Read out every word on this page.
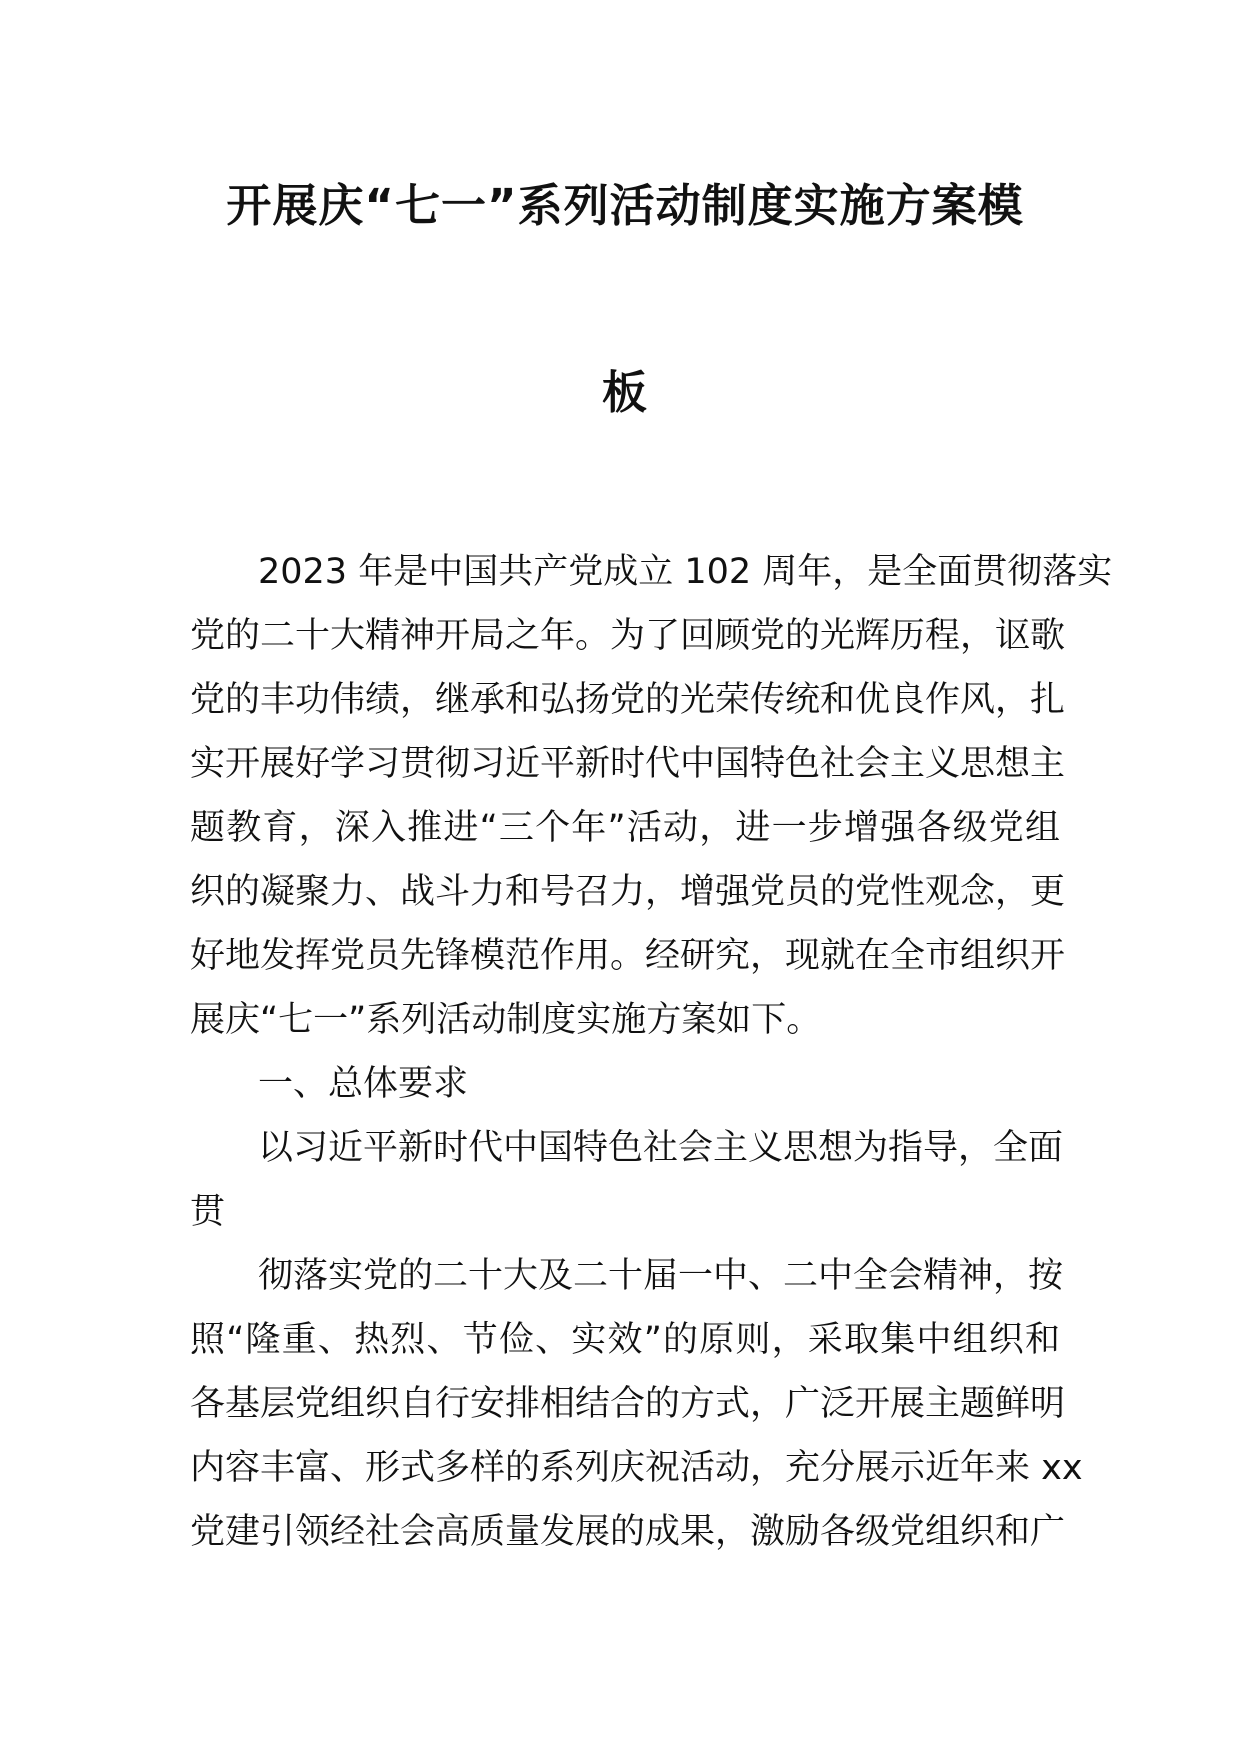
开展庆“七一”系列活动制度实施方案模
板
2023 年是中国共产党成立 102 周年，是全面贯彻落实
党的二十大精神开局之年。为了回顾党的光辉历程，讴歌
党的丰功伟绩，继承和弘扬党的光荣传统和优良作风，扎
实开展好学习贯彻习近平新时代中国特色社会主义思想主
题教育，深入推进“三个年”活动，进一步增强各级党组
织的凝聚力、战斗力和号召力，增强党员的党性观念，更
好地发挥党员先锋模范作用。经研究，现就在全市组织开
展庆“七一”系列活动制度实施方案如下。
一、总体要求
以习近平新时代中国特色社会主义思想为指导，全面
贯
彻落实党的二十大及二十届一中、二中全会精神，按
照“隆重、热烈、节俭、实效”的原则，采取集中组织和
各基层党组织自行安排相结合的方式，广泛开展主题鲜明
内容丰富、形式多样的系列庆祝活动，充分展示近年来 xx
党建引领经社会高质量发展的成果，激励各级党组织和广
